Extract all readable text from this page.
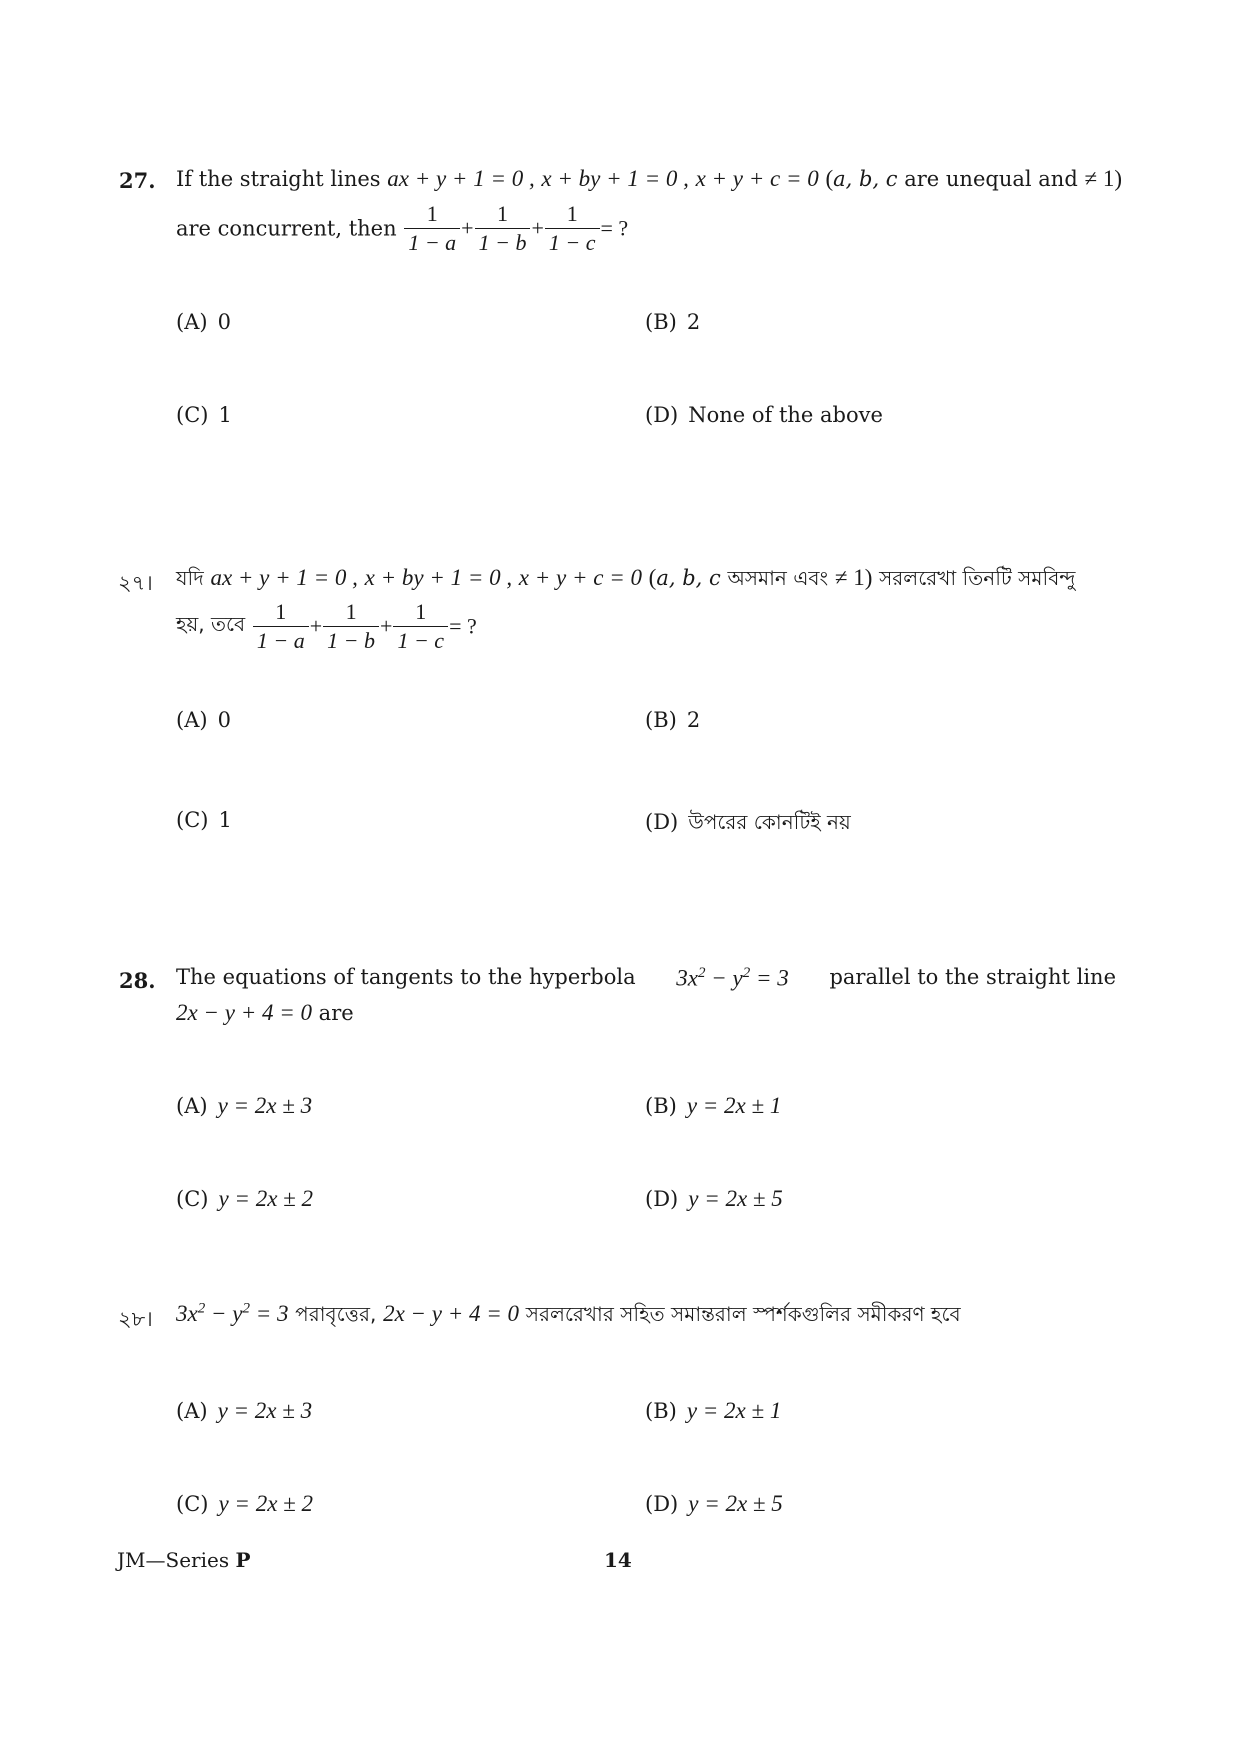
27. If the straight lines ax + y + 1 = 0 , x + by + 1 = 0 , x + y + c = 0 (a, b, c are unequal and ≠ 1)
are concurrent, then $\frac{1}{1 - a} + \frac{1}{1 - b} + \frac{1}{1 - c}$ = ?
(A) 0	(B) 2
(C) 1	(D) None of the above
২৭। যদি ax + y + 1 = 0 , x + by + 1 = 0 , x + y + c = 0 (a, b, c অসমান এবং ≠ 1) সরলরেখা তিনটি সমবিন্দু
হয়, তবে $\frac{1}{1 - a} + \frac{1}{1 - b} + \frac{1}{1 - c}$ = ?
(A) 0	(B) 2
(C) 1	(D) উপরের কোনটিই নয়
28. The equations of tangents to the hyperbola $3x^2 - y^2 = 3$ parallel to the straight line
2x − y + 4 = 0 are
(A) y = 2x ± 3	(B) y = 2x ± 1
(C) y = 2x ± 2	(D) y = 2x ± 5
২৮। $3x^2 - y^2 = 3$ পরাবৃত্তের, 2x − y + 4 = 0 সরলরেখার সহিত সমান্তরাল স্পর্শকগুলির সমীকরণ হবে
(A) y = 2x ± 3	(B) y = 2x ± 1
(C) y = 2x ± 2	(D) y = 2x ± 5
JM—Series P	14
